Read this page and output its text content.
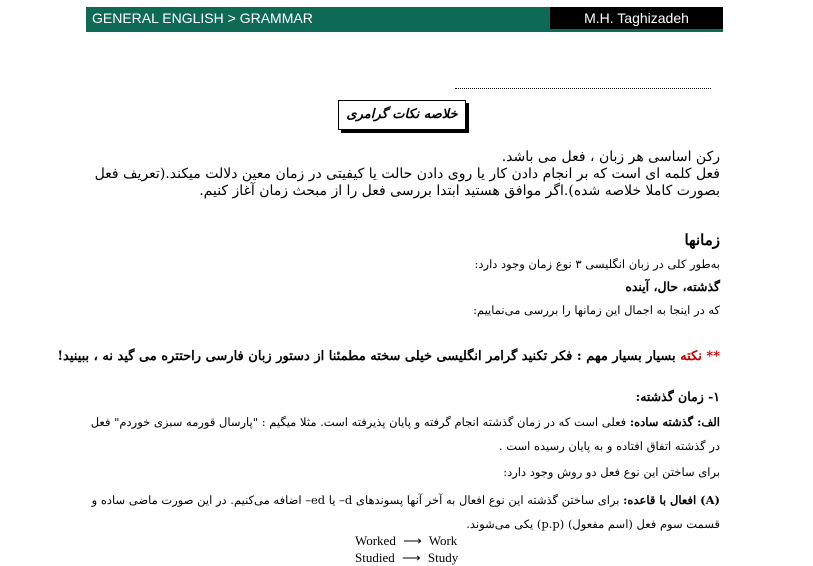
GENERAL ENGLISH > GRAMMAR	M.H. Taghizadeh
خلاصه نکات گرامری
رکن اساسی هر زبان ، فعل می باشد.
فعل کلمه ای است که بر انجام دادن کار یا روی دادن حالت یا کیفیتی در زمان معین دلالت میکند.(تعریف فعل بصورت کاملا خلاصه شده).اگر موافق هستید ابتدا بررسی فعل را از مبحث زمان آغاز کنیم.
زمانها
به‌طور کلی در زبان انگلیسی ۳ نوع زمان وجود دارد:
گذشته، حال، آینده
که در اینجا به اجمال این زمانها را بررسی می‌نماییم:
** نکته بسیار بسیار مهم : فکر تکنید گرامر انگلیسی خیلی سخته مطمئنا از دستور زبان فارسی راحتتره می گید نه ، ببینید!
۱- زمان گذشته:
الف: گذشته ساده: فعلی است که در زمان گذشته انجام گرفته و پایان پذیرفته است. مثلا میگیم : "پارسال قورمه سبزی خوردم" فعل در گذشته اتفاق افتاده و به پایان رسیده است .
برای ساختن این نوع فعل دو روش وجود دارد:
(A) افعال با قاعده: برای ساختن گذشته این نوع افعال به آخر آنها پسوندهای d– یا ed– اضافه می‌کنیم. در این صورت ماضی ساده و قسمت سوم فعل (اسم مفعول) (p.p) یکی می‌شوند.
Worked ⟶ Work
Studied ⟶ Study
